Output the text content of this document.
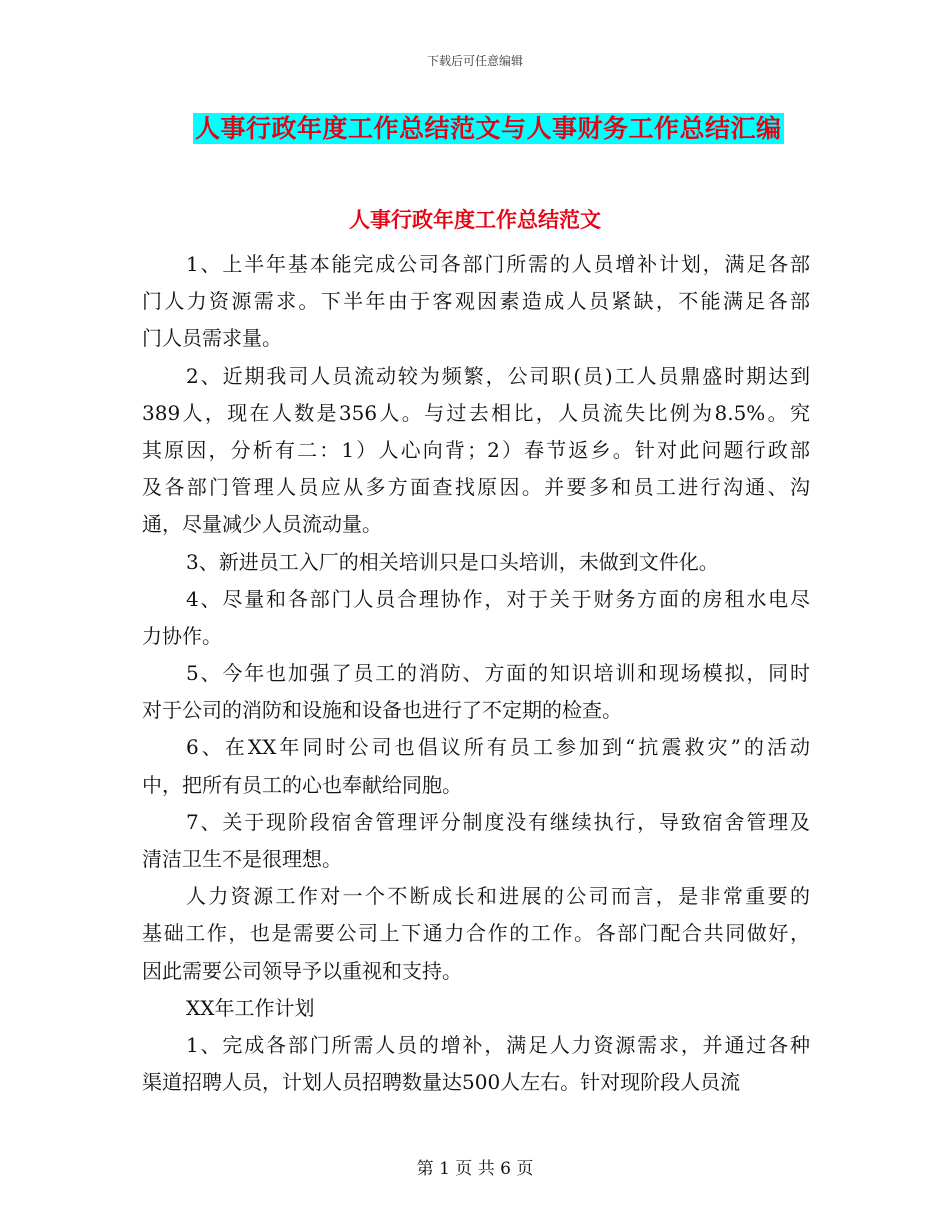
下载后可任意编辑
人事行政年度工作总结范文与人事财务工作总结汇编
人事行政年度工作总结范文
1、上半年基本能完成公司各部门所需的人员增补计划，满足各部
门人力资源需求。下半年由于客观因素造成人员紧缺，不能满足各部
门人员需求量。
2、近期我司人员流动较为频繁，公司职(员)工人员鼎盛时期达到
389人，现在人数是356人。与过去相比，人员流失比例为8.5%。究
其原因，分析有二：1）人心向背；2）春节返乡。针对此问题行政部
及各部门管理人员应从多方面查找原因。并要多和员工进行沟通、沟
通，尽量减少人员流动量。
3、新进员工入厂的相关培训只是口头培训，未做到文件化。
4、尽量和各部门人员合理协作，对于关于财务方面的房租水电尽
力协作。
5、今年也加强了员工的消防、方面的知识培训和现场模拟，同时
对于公司的消防和设施和设备也进行了不定期的检查。
6、在XX年同时公司也倡议所有员工参加到“抗震救灾”的活动
中，把所有员工的心也奉献给同胞。
7、关于现阶段宿舍管理评分制度没有继续执行，导致宿舍管理及
清洁卫生不是很理想。
人力资源工作对一个不断成长和进展的公司而言，是非常重要的
基础工作，也是需要公司上下通力合作的工作。各部门配合共同做好，
因此需要公司领导予以重视和支持。
XX年工作计划
1、完成各部门所需人员的增补，满足人力资源需求，并通过各种
渠道招聘人员，计划人员招聘数量达500人左右。针对现阶段人员流
第 1 页 共 6 页
